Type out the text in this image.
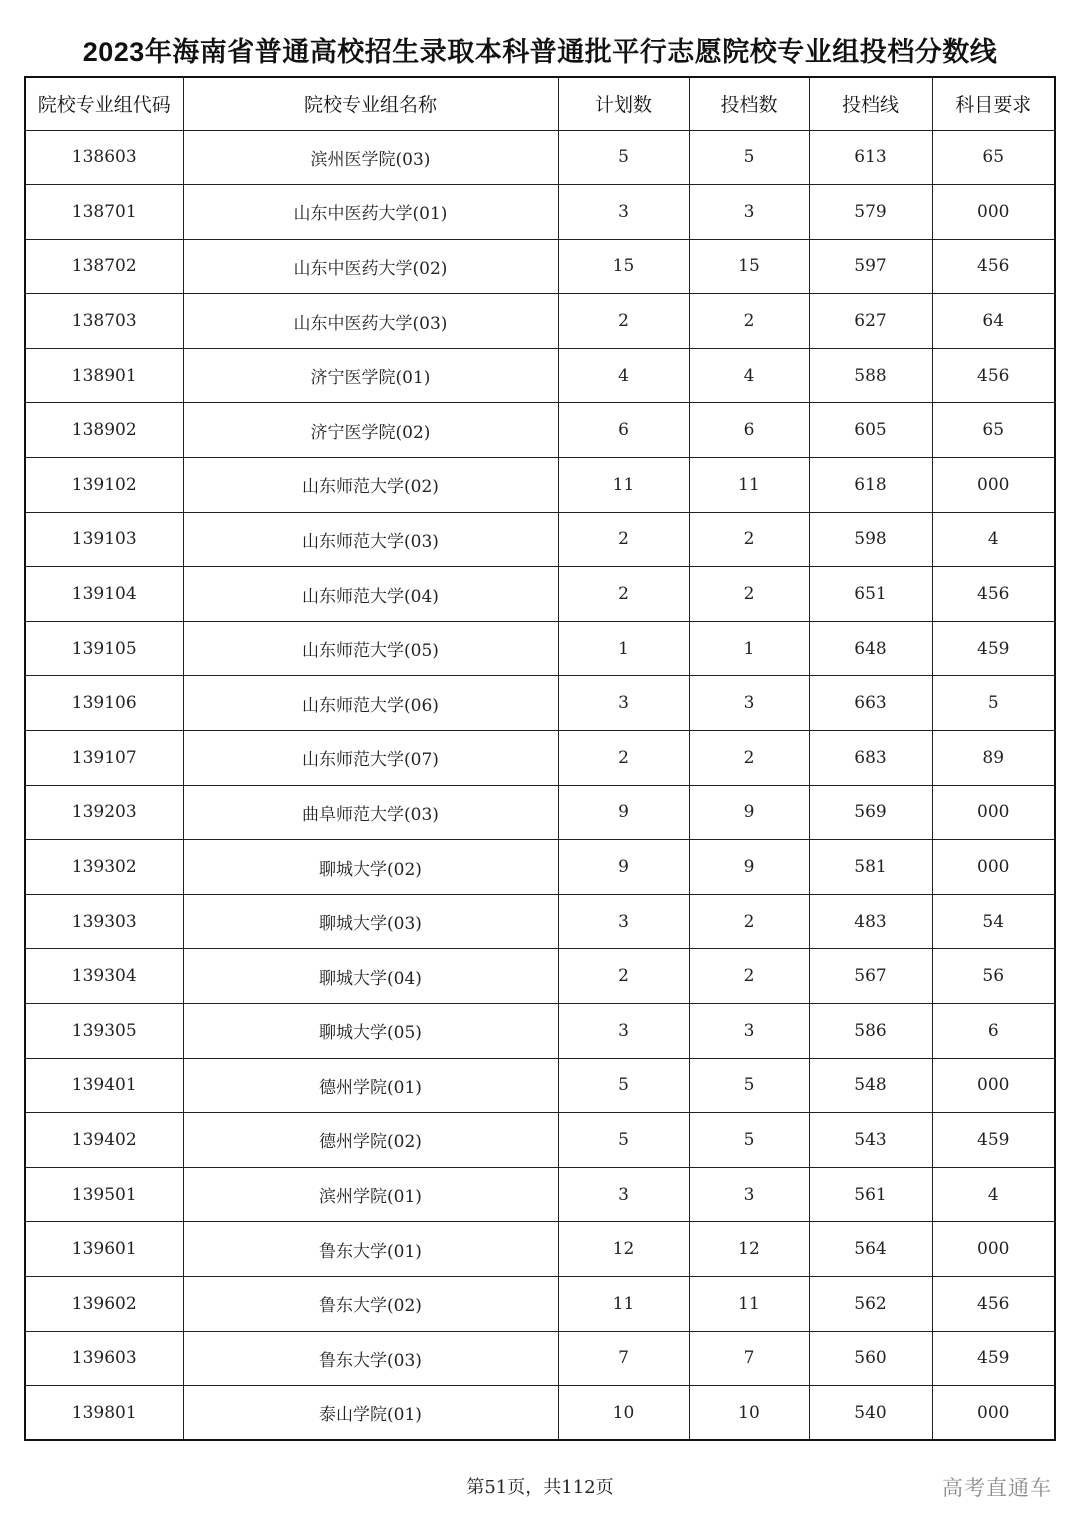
2023年海南省普通高校招生录取本科普通批平行志愿院校专业组投档分数线
院校专业组代码	院校专业组名称	计划数	投档数	投档线	科目要求
138603	滨州医学院(03)	5	5	613	65
138701	山东中医药大学(01)	3	3	579	000
138702	山东中医药大学(02)	15	15	597	456
138703	山东中医药大学(03)	2	2	627	64
138901	济宁医学院(01)	4	4	588	456
138902	济宁医学院(02)	6	6	605	65
139102	山东师范大学(02)	11	11	618	000
139103	山东师范大学(03)	2	2	598	4
139104	山东师范大学(04)	2	2	651	456
139105	山东师范大学(05)	1	1	648	459
139106	山东师范大学(06)	3	3	663	5
139107	山东师范大学(07)	2	2	683	89
139203	曲阜师范大学(03)	9	9	569	000
139302	聊城大学(02)	9	9	581	000
139303	聊城大学(03)	3	2	483	54
139304	聊城大学(04)	2	2	567	56
139305	聊城大学(05)	3	3	586	6
139401	德州学院(01)	5	5	548	000
139402	德州学院(02)	5	5	543	459
139501	滨州学院(01)	3	3	561	4
139601	鲁东大学(01)	12	12	564	000
139602	鲁东大学(02)	11	11	562	456
139603	鲁东大学(03)	7	7	560	459
139801	泰山学院(01)	10	10	540	000
第51页，共112页	高考直通车
